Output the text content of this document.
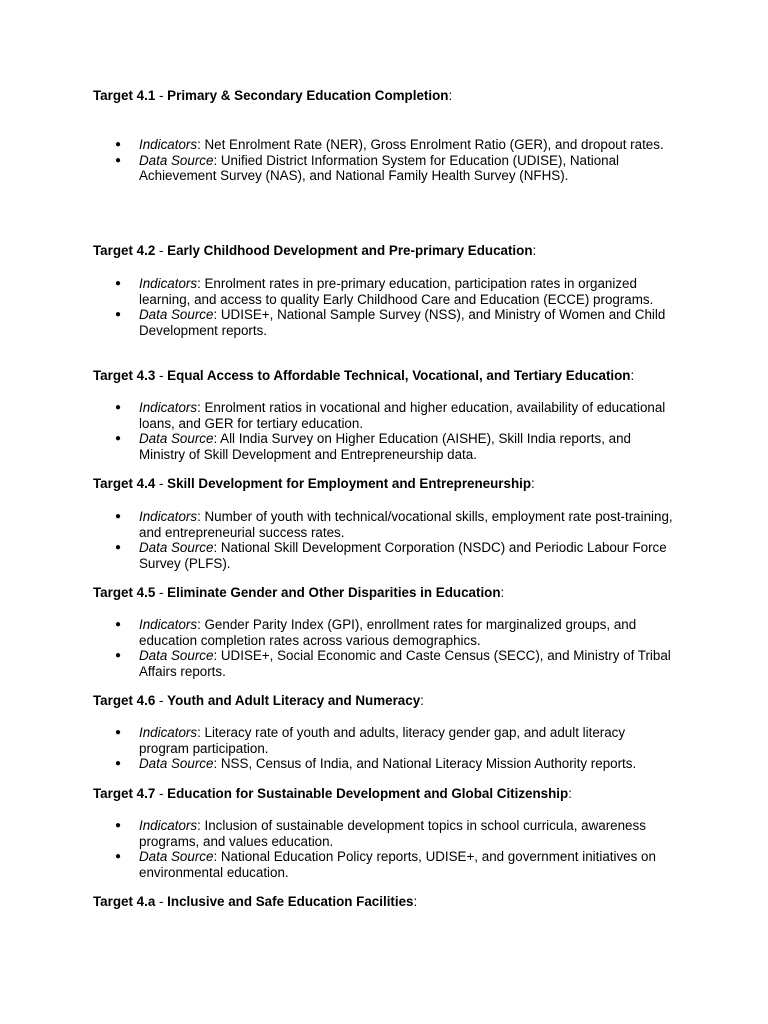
Target 4.1 - Primary & Secondary Education Completion:

● Indicators: Net Enrolment Rate (NER), Gross Enrolment Ratio (GER), and dropout rates.
● Data Source: Unified District Information System for Education (UDISE), National Achievement Survey (NAS), and National Family Health Survey (NFHS).

Target 4.2 - Early Childhood Development and Pre-primary Education:

● Indicators: Enrolment rates in pre-primary education, participation rates in organized learning, and access to quality Early Childhood Care and Education (ECCE) programs.
● Data Source: UDISE+, National Sample Survey (NSS), and Ministry of Women and Child Development reports.

Target 4.3 - Equal Access to Affordable Technical, Vocational, and Tertiary Education:

● Indicators: Enrolment ratios in vocational and higher education, availability of educational loans, and GER for tertiary education.
● Data Source: All India Survey on Higher Education (AISHE), Skill India reports, and Ministry of Skill Development and Entrepreneurship data.

Target 4.4 - Skill Development for Employment and Entrepreneurship:

● Indicators: Number of youth with technical/vocational skills, employment rate post-training, and entrepreneurial success rates.
● Data Source: National Skill Development Corporation (NSDC) and Periodic Labour Force Survey (PLFS).

Target 4.5 - Eliminate Gender and Other Disparities in Education:

● Indicators: Gender Parity Index (GPI), enrollment rates for marginalized groups, and education completion rates across various demographics.
● Data Source: UDISE+, Social Economic and Caste Census (SECC), and Ministry of Tribal Affairs reports.

Target 4.6 - Youth and Adult Literacy and Numeracy:

● Indicators: Literacy rate of youth and adults, literacy gender gap, and adult literacy program participation.
● Data Source: NSS, Census of India, and National Literacy Mission Authority reports.

Target 4.7 - Education for Sustainable Development and Global Citizenship:

● Indicators: Inclusion of sustainable development topics in school curricula, awareness programs, and values education.
● Data Source: National Education Policy reports, UDISE+, and government initiatives on environmental education.

Target 4.a - Inclusive and Safe Education Facilities:
